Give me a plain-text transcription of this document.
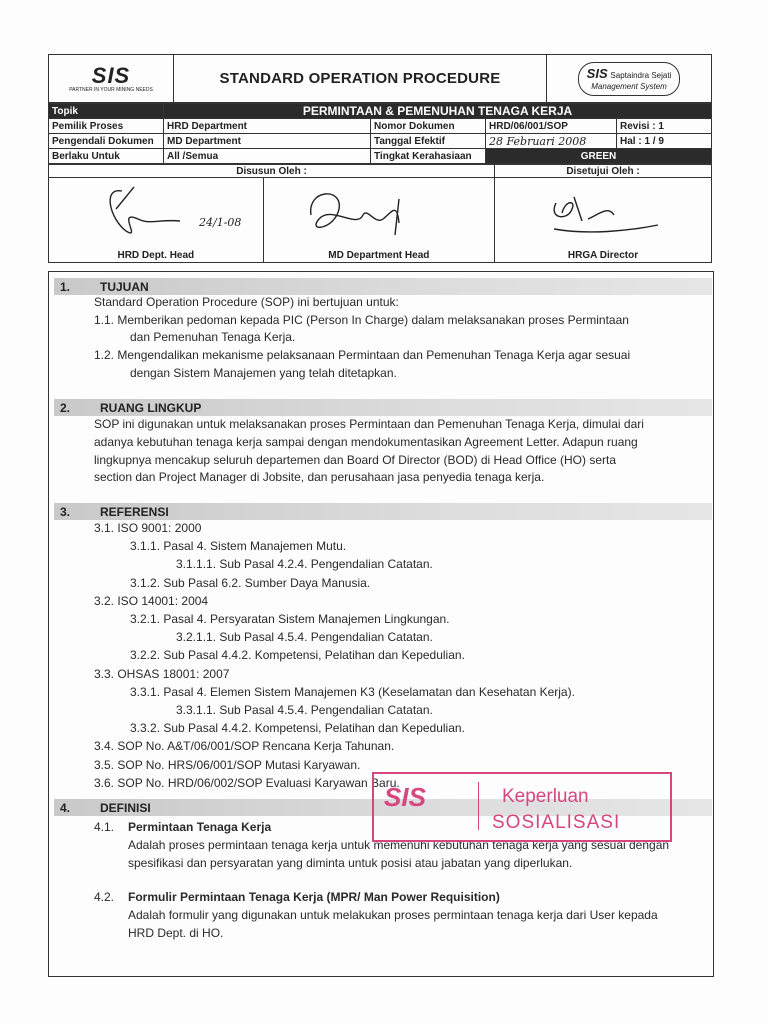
SIS
PARTNER IN YOUR MINING NEEDS
	STANDARD OPERATION PROCEDURE	SIS Saptaindra Sejati
Management System
Topik	PERMINTAAN & PEMENUHAN TENAGA KERJA			
Pemilik Proses	HRD Department	Nomor Dokumen	HRD/06/001/SOP	Revisi : 1
Pengendali Dokumen	MD Department	Tanggal Efektif	28 Februari 2008	Hal : 1 / 9
Berlaku Untuk	All /Semua	Tingkat Kerahasiaan	GREEN	
Disusun Oleh :		Disetujui Oleh :

24/1-08

HRD Dept. Head	MD Department Head	HRGA Director
1. TUJUAN
Standard Operation Procedure (SOP) ini bertujuan untuk:
1.1. Memberikan pedoman kepada PIC (Person In Charge) dalam melaksanakan proses Permintaan
dan Pemenuhan Tenaga Kerja.
1.2. Mengendalikan mekanisme pelaksanaan Permintaan dan Pemenuhan Tenaga Kerja agar sesuai
dengan Sistem Manajemen yang telah ditetapkan.
2. RUANG LINGKUP
SOP ini digunakan untuk melaksanakan proses Permintaan dan Pemenuhan Tenaga Kerja, dimulai dari
adanya kebutuhan tenaga kerja sampai dengan mendokumentasikan Agreement Letter. Adapun ruang
lingkupnya mencakup seluruh departemen dan Board Of Director (BOD) di Head Office (HO) serta
section dan Project Manager di Jobsite, dan perusahaan jasa penyedia tenaga kerja.
3. REFERENSI
3.1. ISO 9001: 2000
3.1.1. Pasal 4. Sistem Manajemen Mutu.
3.1.1.1. Sub Pasal 4.2.4. Pengendalian Catatan.
3.1.2. Sub Pasal 6.2. Sumber Daya Manusia.
3.2. ISO 14001: 2004
3.2.1. Pasal 4. Persyaratan Sistem Manajemen Lingkungan.
3.2.1.1. Sub Pasal 4.5.4. Pengendalian Catatan.
3.2.2. Sub Pasal 4.4.2. Kompetensi, Pelatihan dan Kepedulian.
3.3. OHSAS 18001: 2007
3.3.1. Pasal 4. Elemen Sistem Manajemen K3 (Keselamatan dan Kesehatan Kerja).
3.3.1.1. Sub Pasal 4.5.4. Pengendalian Catatan.
3.3.2. Sub Pasal 4.4.2. Kompetensi, Pelatihan dan Kepedulian.
3.4. SOP No. A&T/06/001/SOP Rencana Kerja Tahunan.
3.5. SOP No. HRS/06/001/SOP Mutasi Karyawan.
3.6. SOP No. HRD/06/002/SOP Evaluasi Karyawan Baru.
4. DEFINISI
4.1. Permintaan Tenaga Kerja
Adalah proses permintaan tenaga kerja untuk memenuhi kebutuhan tenaga kerja yang sesuai dengan
spesifikasi dan persyaratan yang diminta untuk posisi atau jabatan yang diperlukan.
4.2. Formulir Permintaan Tenaga Kerja (MPR/ Man Power Requisition)
Adalah formulir yang digunakan untuk melakukan proses permintaan tenaga kerja dari User kepada
HRD Dept. di HO.
SIS	Keperluan
SOSIALISASI
